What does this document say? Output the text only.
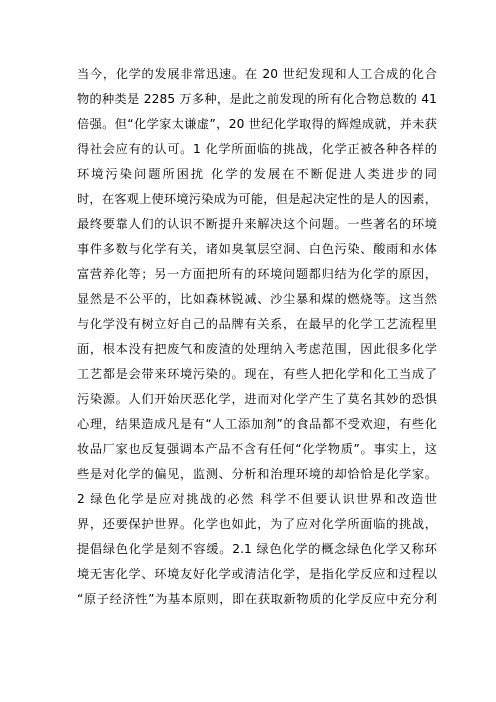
当今，化学的发展非常迅速。在 20 世纪发现和人工合成的化合
物的种类是 2285 万多种，是此之前发现的所有化合物总数的 41
倍强。但“化学家太谦虚”，20 世纪化学取得的辉煌成就，并未获
得社会应有的认可。1 化学所面临的挑战，化学正被各种各样的
环境污染问题所困扰 化学的发展在不断促进人类进步的同
时，在客观上使环境污染成为可能，但是起决定性的是人的因素，
最终要靠人们的认识不断提升来解决这个问题。一些著名的环境
事件多数与化学有关，诸如臭氧层空洞、白色污染、酸雨和水体
富营养化等；另一方面把所有的环境问题都归结为化学的原因，
显然是不公平的，比如森林锐减、沙尘暴和煤的燃烧等。这当然
与化学没有树立好自己的品牌有关系，在最早的化学工艺流程里
面，根本没有把废气和废渣的处理纳入考虑范围，因此很多化学
工艺都是会带来环境污染的。现在，有些人把化学和化工当成了
污染源。人们开始厌恶化学，进而对化学产生了莫名其妙的恐惧
心理，结果造成凡是有“人工添加剂”的食品都不受欢迎，有些化
妆品厂家也反复强调本产品不含有任何“化学物质”。事实上，这
些是对化学的偏见，监测、分析和治理环境的却恰恰是化学家。
2 绿色化学是应对挑战的必然 科学不但要认识世界和改造世
界，还要保护世界。化学也如此，为了应对化学所面临的挑战，
提倡绿色化学是刻不容缓。2.1 绿色化学的概念绿色化学又称环
境无害化学、环境友好化学或清洁化学，是指化学反应和过程以
“原子经济性”为基本原则，即在获取新物质的化学反应中充分利
